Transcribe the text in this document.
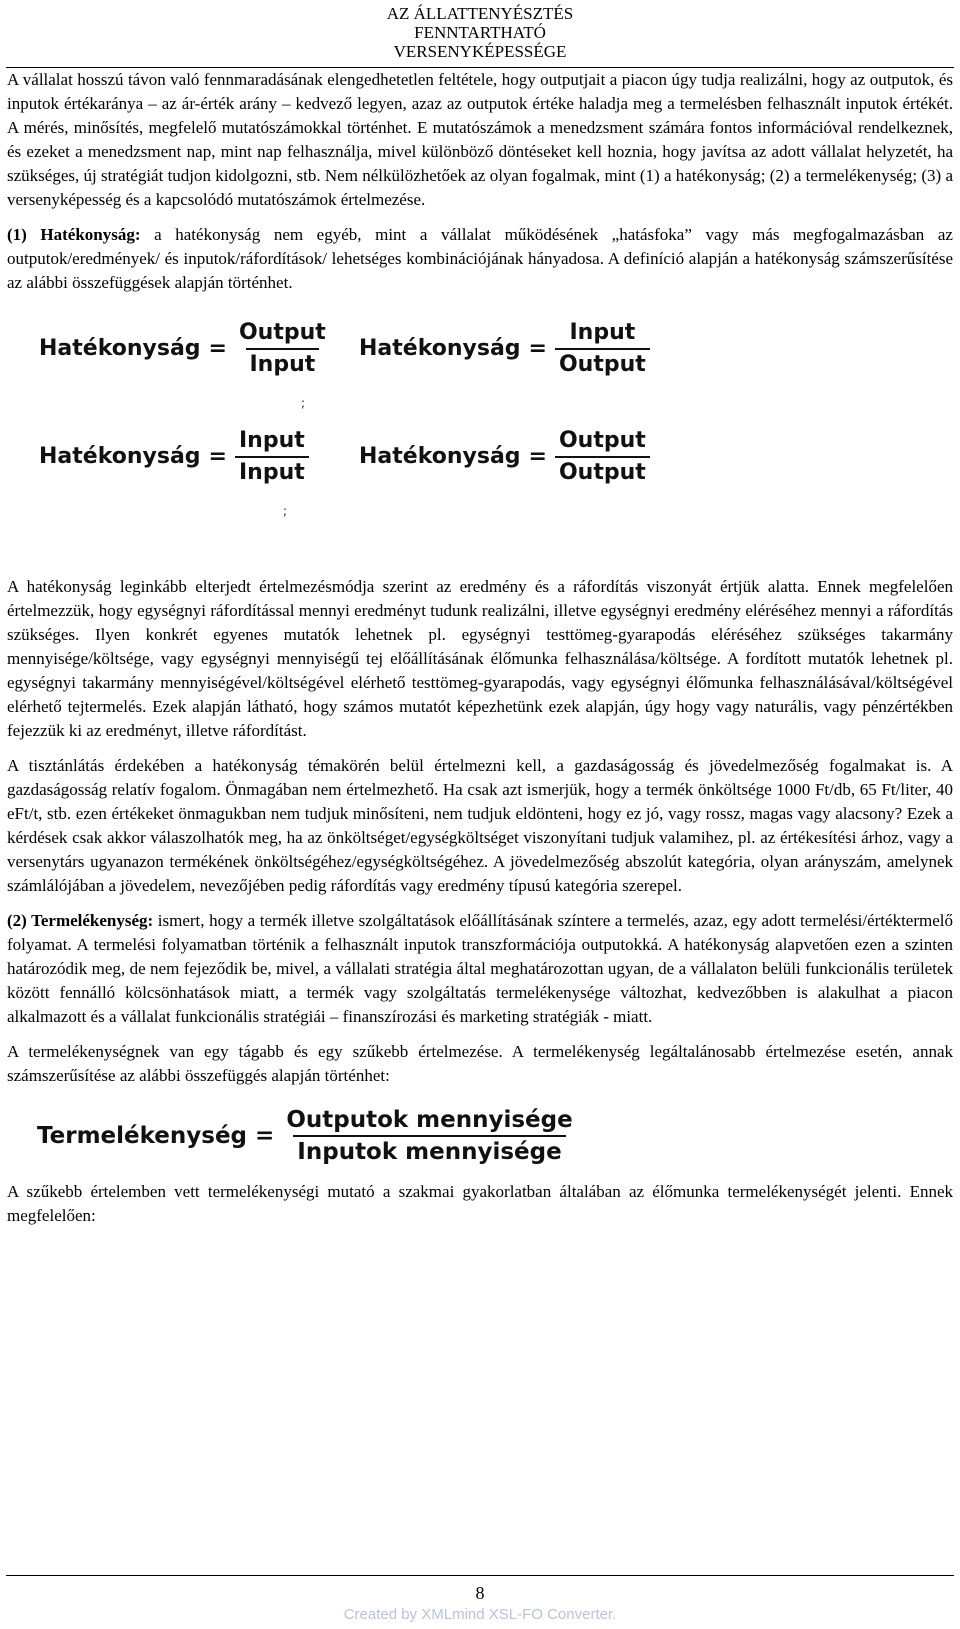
AZ ÁLLATTENYÉSZTÉS
FENNTARTHATÓ
VERSENYKÉPESSÉGE

A vállalat hosszú távon való fennmaradásának elengedhetetlen feltétele, hogy outputjait a piacon úgy tudja realizálni, hogy az outputok, és inputok értékaránya – az ár-érték arány – kedvező legyen, azaz az outputok értéke haladja meg a termelésben felhasznált inputok értékét. A mérés, minősítés, megfelelő mutatószámokkal történhet. E mutatószámok a menedzsment számára fontos információval rendelkeznek, és ezeket a menedzsment nap, mint nap felhasználja, mivel különböző döntéseket kell hoznia, hogy javítsa az adott vállalat helyzetét, ha szükséges, új stratégiát tudjon kidolgozni, stb. Nem nélkülözhetőek az olyan fogalmak, mint (1) a hatékonyság; (2) a termelékenység; (3) a versenyképesség és a kapcsolódó mutatószámok értelmezése.

(1) Hatékonyság: a hatékonyság nem egyéb, mint a vállalat működésének „hatásfoka” vagy más megfogalmazásban az outputok/eredmények/ és inputok/ráfordítások/ lehetséges kombinációjának hányadosa. A definíció alapján a hatékonyság számszerűsítése az alábbi összefüggések alapján történhet.

Hatékonyság = $\frac{\text{Output}}{\text{Input}}$
;
Hatékonyság = $\frac{\text{Input}}{\text{Output}}$
Hatékonyság = $\frac{\text{Input}}{\text{Input}}$
;
Hatékonyság = $\frac{\text{Output}}{\text{Output}}$

A hatékonyság leginkább elterjedt értelmezésmódja szerint az eredmény és a ráfordítás viszonyát értjük alatta. Ennek megfelelően értelmezzük, hogy egységnyi ráfordítással mennyi eredményt tudunk realizálni, illetve egységnyi eredmény eléréséhez mennyi a ráfordítás szükséges. Ilyen konkrét egyenes mutatók lehetnek pl. egységnyi testtömeg-gyarapodás eléréséhez szükséges takarmány mennyisége/költsége, vagy egységnyi mennyiségű tej előállításának élőmunka felhasználása/költsége. A fordított mutatók lehetnek pl. egységnyi takarmány mennyiségével/költségével elérhető testtömeg-gyarapodás, vagy egységnyi élőmunka felhasználásával/költségével elérhető tejtermelés. Ezek alapján látható, hogy számos mutatót képezhetünk ezek alapján, úgy hogy vagy naturális, vagy pénzértékben fejezzük ki az eredményt, illetve ráfordítást.

A tisztánlátás érdekében a hatékonyság témakörén belül értelmezni kell, a gazdaságosság és jövedelmezőség fogalmakat is. A gazdaságosság relatív fogalom. Önmagában nem értelmezhető. Ha csak azt ismerjük, hogy a termék önköltsége 1000 Ft/db, 65 Ft/liter, 40 eFt/t, stb. ezen értékeket önmagukban nem tudjuk minősíteni, nem tudjuk eldönteni, hogy ez jó, vagy rossz, magas vagy alacsony? Ezek a kérdések csak akkor válaszolhatók meg, ha az önköltséget/egységköltséget viszonyítani tudjuk valamihez, pl. az értékesítési árhoz, vagy a versenytárs ugyanazon termékének önköltségéhez/egységköltségéhez. A jövedelmezőség abszolút kategória, olyan arányszám, amelynek számlálójában a jövedelem, nevezőjében pedig ráfordítás vagy eredmény típusú kategória szerepel.

(2) Termelékenység: ismert, hogy a termék illetve szolgáltatások előállításának színtere a termelés, azaz, egy adott termelési/értéktermelő folyamat. A termelési folyamatban történik a felhasznált inputok transzformációja outputokká. A hatékonyság alapvetően ezen a szinten határozódik meg, de nem fejeződik be, mivel, a vállalati stratégia által meghatározottan ugyan, de a vállalaton belüli funkcionális területek között fennálló kölcsönhatások miatt, a termék vagy szolgáltatás termelékenysége változhat, kedvezőbben is alakulhat a piacon alkalmazott és a vállalat funkcionális stratégiái – finanszírozási és marketing stratégiák - miatt.

A termelékenységnek van egy tágabb és egy szűkebb értelmezése. A termelékenység legáltalánosabb értelmezése esetén, annak számszerűsítése az alábbi összefüggés alapján történhet:

Termelékenység = $\frac{\text{Outputok mennyisége}}{\text{Inputok mennyisége}}$

A szűkebb értelemben vett termelékenységi mutató a szakmai gyakorlatban általában az élőmunka termelékenységét jelenti. Ennek megfelelően:

8
Created by XMLmind XSL-FO Converter.
